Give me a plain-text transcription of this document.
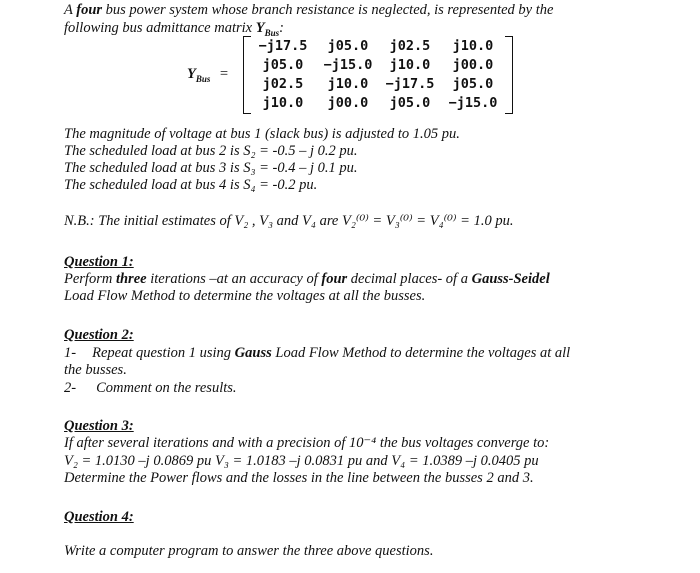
A four bus power system whose branch resistance is neglected, is represented by the
following bus admittance matrix $Y_{Bus}$:
$Y_{Bus}$ =
−j17.5	j05.0	j02.5	j10.0
j05.0	−j15.0	j10.0	j00.0
j02.5	j10.0	−j17.5	j05.0
j10.0	j00.0	j05.0	−j15.0
The magnitude of voltage at bus 1 (slack bus) is adjusted to 1.05 pu.
The scheduled load at bus 2 is S₂ = -0.5 – j 0.2 pu.
The scheduled load at bus 3 is S₃ = -0.4 – j 0.1 pu.
The scheduled load at bus 4 is S₄ = -0.2 pu.
N.B.: The initial estimates of V₂ , V₃ and V₄ are V₂⁽⁰⁾ = V₃⁽⁰⁾ = V₄⁽⁰⁾ = 1.0 pu.
Question 1:
Perform three iterations –at an accuracy of four decimal places- of a Gauss-Seidel
Load Flow Method to determine the voltages at all the busses.
Question 2:
1- Repeat question 1 using Gauss Load Flow Method to determine the voltages at all
the busses.
2- Comment on the results.
Question 3:
If after several iterations and with a precision of 10⁻⁴ the bus voltages converge to:
V₂ = 1.0130 –j 0.0869 pu V₃ = 1.0183 –j 0.0831 pu and V₄ = 1.0389 –j 0.0405 pu
Determine the Power flows and the losses in the line between the busses 2 and 3.
Question 4:
Write a computer program to answer the three above questions.
